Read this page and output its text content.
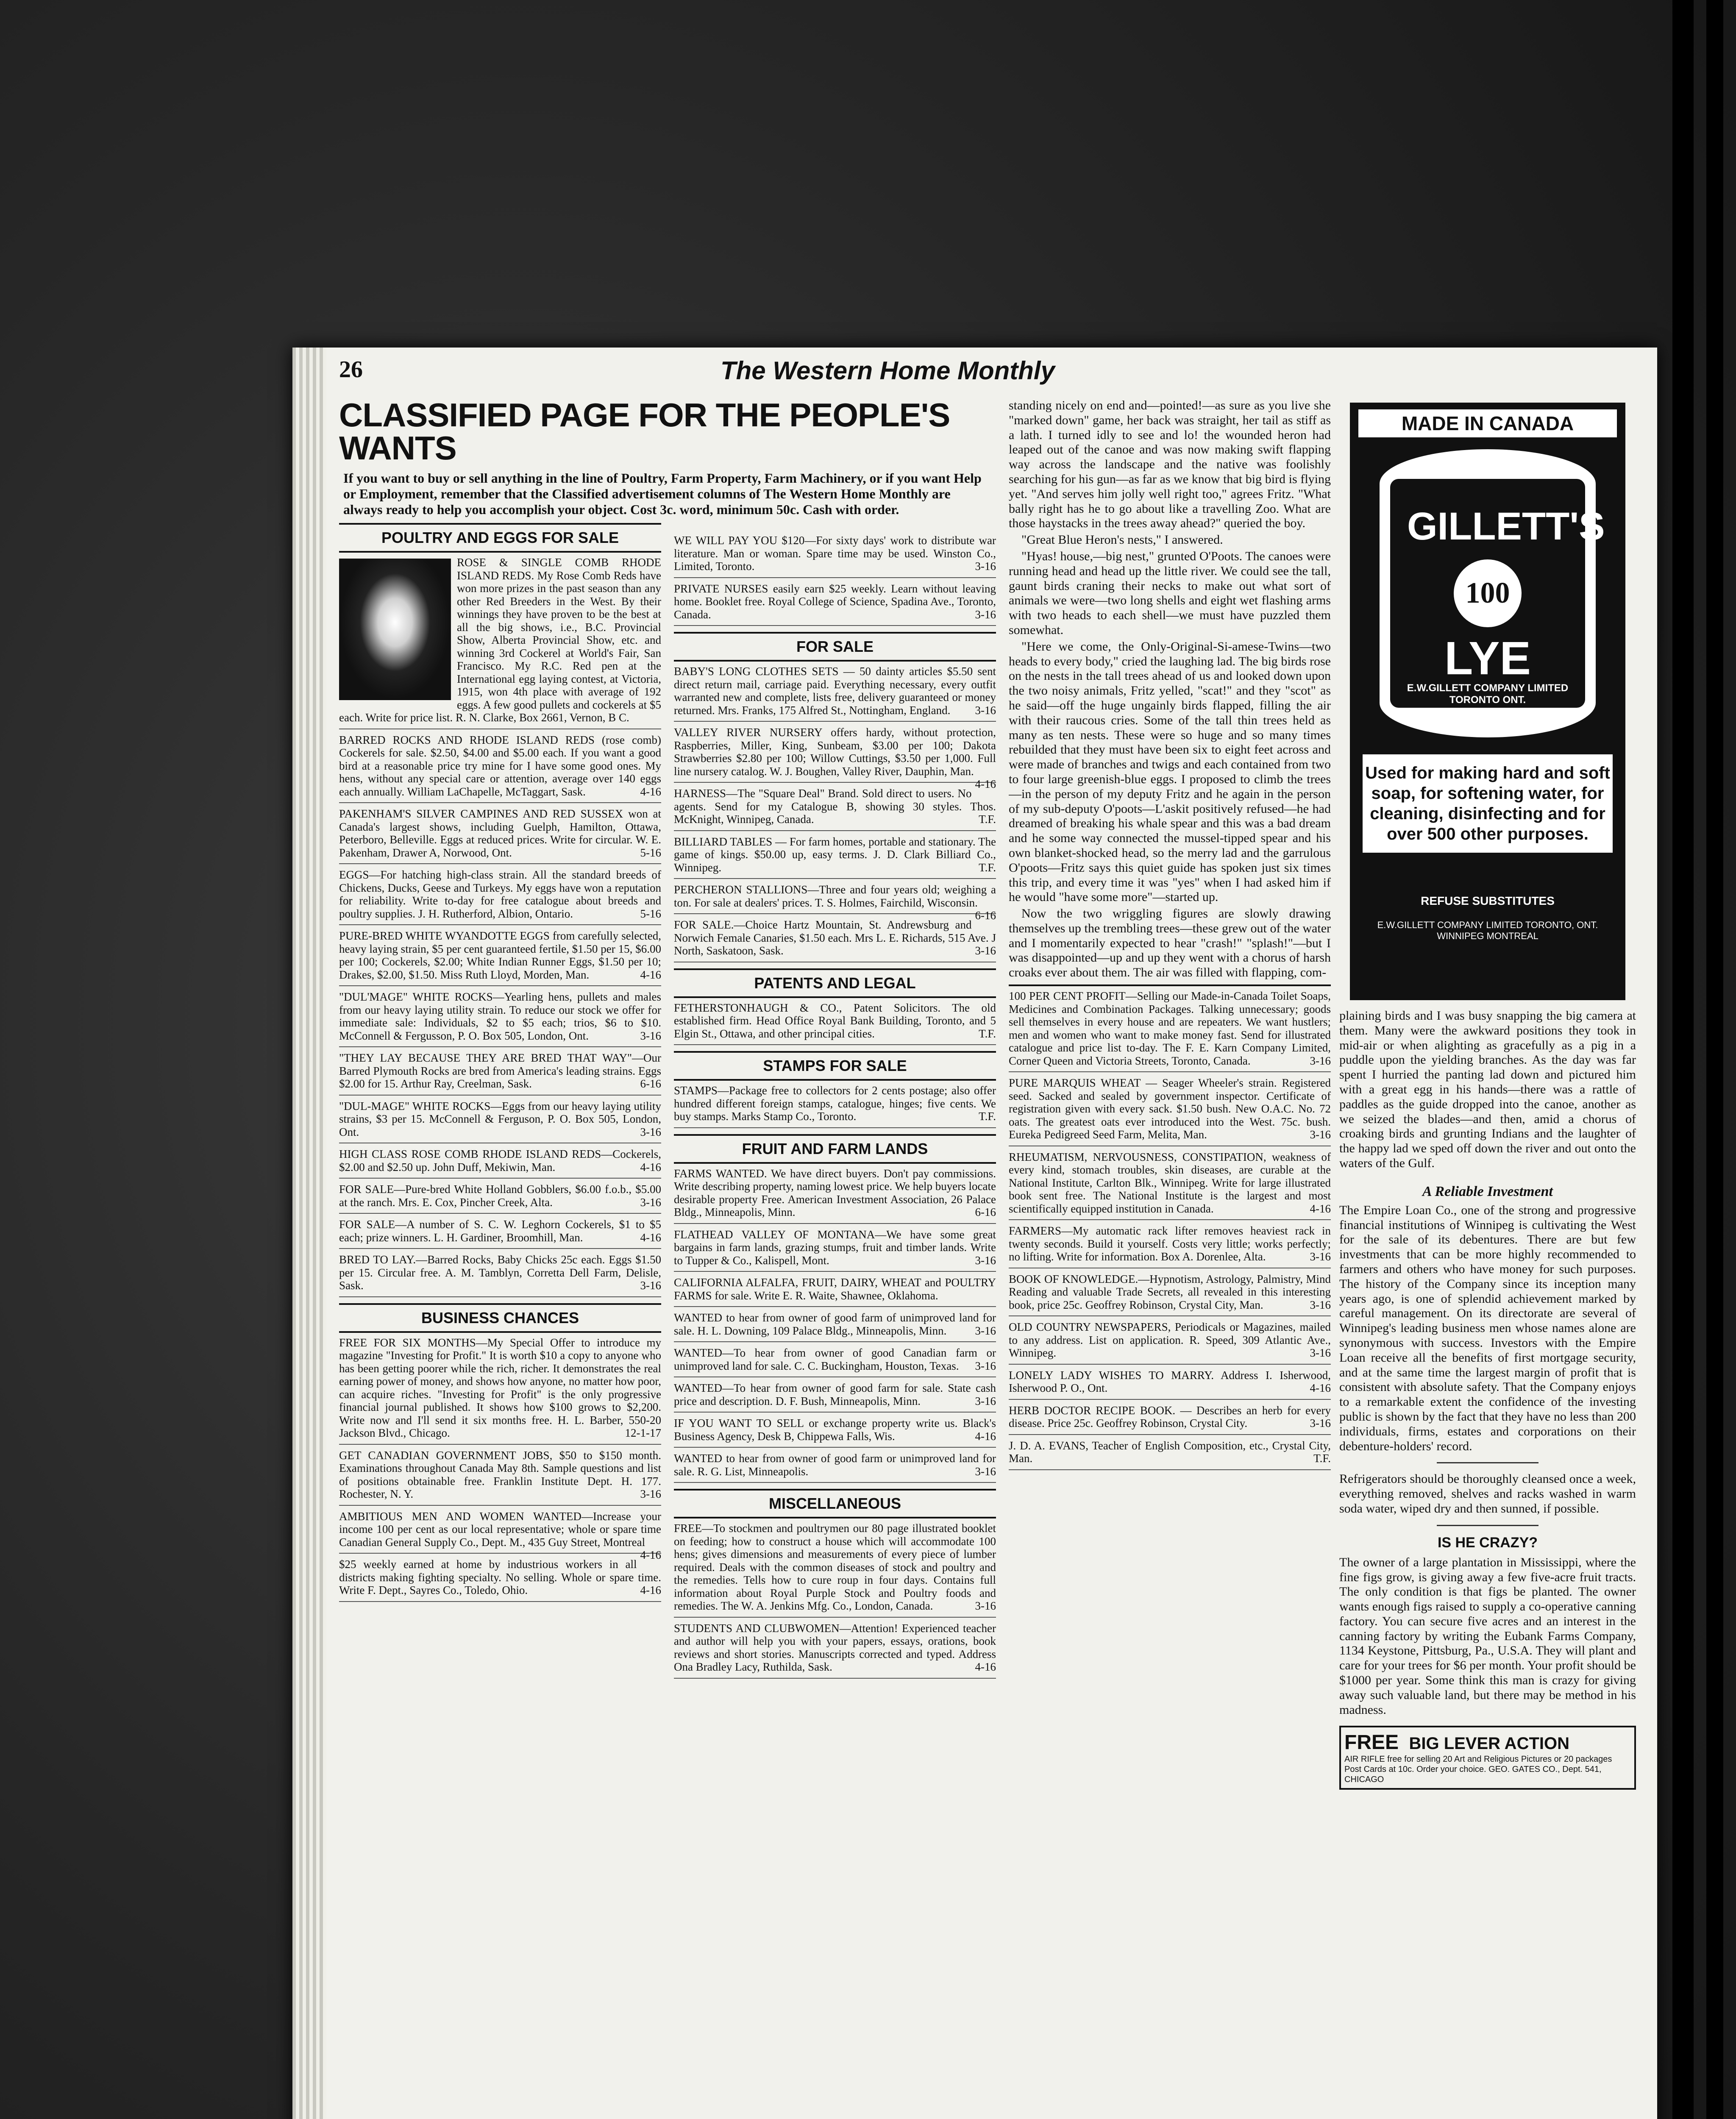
26	The Western Home Monthly
CLASSIFIED PAGE FOR THE PEOPLE'S WANTS
If you want to buy or sell anything in the line of Poultry, Farm Property, Farm Machinery, or if you want Help or Employment, remember that the Classified advertisement columns of The Western Home Monthly are always ready to help you accomplish your object. Cost 3c. word, minimum 50c. Cash with order.
POULTRY AND EGGS FOR SALE
ROSE & SINGLE COMB RHODE ISLAND REDS. My Rose Comb Reds have won more prizes in the past season than any other Red Breeders in the West. By their winnings they have proven to be the best at all the big shows, i.e., B.C. Provincial Show, Alberta Provincial Show, etc. and winning 3rd Cockerel at World's Fair, San Francisco. My R.C. Red pen at the International egg laying contest, at Victoria, 1915, won 4th place with average of 192 eggs. A few good pullets and cockerels at $5 each. Write for price list. R. N. Clarke, Box 2661, Vernon, B C.
BARRED ROCKS AND RHODE ISLAND REDS (rose comb) Cockerels for sale. $2.50, $4.00 and $5.00 each. If you want a good bird at a reasonable price try mine for I have some good ones. My hens, without any special care or attention, average over 140 eggs each annually. William LaChapelle, McTaggart, Sask.	4-16
PAKENHAM'S SILVER CAMPINES AND RED SUSSEX won at Canada's largest shows, including Guelph, Hamilton, Ottawa, Peterboro, Belleville. Eggs at reduced prices. Write for circular. W. E. Pakenham, Drawer A, Norwood, Ont.	5-16
EGGS—For hatching high-class strain. All the standard breeds of Chickens, Ducks, Geese and Turkeys. My eggs have won a reputation for reliability. Write to-day for free catalogue about breeds and poultry supplies. J. H. Rutherford, Albion, Ontario.	5-16
PURE-BRED WHITE WYANDOTTE EGGS from carefully selected, heavy laying strain, $5 per cent guaranteed fertile, $1.50 per 15, $6.00 per 100; Cockerels, $2.00; White Indian Runner Eggs, $1.50 per 10; Drakes, $2.00, $1.50. Miss Ruth Lloyd, Morden, Man.	4-16
"DUL'MAGE" WHITE ROCKS—Yearling hens, pullets and males from our heavy laying utility strain. To reduce our stock we offer for immediate sale: Individuals, $2 to $5 each; trios, $6 to $10. McConnell & Fergusson, P. O. Box 505, London, Ont.	3-16
"THEY LAY BECAUSE THEY ARE BRED THAT WAY"—Our Barred Plymouth Rocks are bred from America's leading strains. Eggs $2.00 for 15. Arthur Ray, Creelman, Sask.	6-16
"DUL-MAGE" WHITE ROCKS—Eggs from our heavy laying utility strains, $3 per 15. McConnell & Ferguson, P. O. Box 505, London, Ont.	3-16
HIGH CLASS ROSE COMB RHODE ISLAND REDS—Cockerels, $2.00 and $2.50 up. John Duff, Mekiwin, Man.	4-16
FOR SALE—Pure-bred White Holland Gobblers, $6.00 f.o.b., $5.00 at the ranch. Mrs. E. Cox, Pincher Creek, Alta.	3-16
FOR SALE—A number of S. C. W. Leghorn Cockerels, $1 to $5 each; prize winners. L. H. Gardiner, Broomhill, Man.	4-16
BRED TO LAY.—Barred Rocks, Baby Chicks 25c each. Eggs $1.50 per 15. Circular free. A. M. Tamblyn, Corretta Dell Farm, Delisle, Sask.	3-16
BUSINESS CHANCES
FREE FOR SIX MONTHS—My Special Offer to introduce my magazine "Investing for Profit." It is worth $10 a copy to anyone who has been getting poorer while the rich, richer. It demonstrates the real earning power of money, and shows how anyone, no matter how poor, can acquire riches. "Investing for Profit" is the only progressive financial journal published. It shows how $100 grows to $2,200. Write now and I'll send it six months free. H. L. Barber, 550-20 Jackson Blvd., Chicago.	12-1-17
GET CANADIAN GOVERNMENT JOBS, $50 to $150 month. Examinations throughout Canada May 8th. Sample questions and list of positions obtainable free. Franklin Institute Dept. H. 177. Rochester, N. Y.	3-16
AMBITIOUS MEN AND WOMEN WANTED—Increase your income 100 per cent as our local representative; whole or spare time Canadian General Supply Co., Dept. M., 435 Guy Street, Montreal
4-16
$25 weekly earned at home by industrious workers in all districts making fighting specialty. No selling. Whole or spare time. Write F. Dept., Sayres Co., Toledo, Ohio.	4-16
WE WILL PAY YOU $120—For sixty days' work to distribute war literature. Man or woman. Spare time may be used. Winston Co., Limited, Toronto.	3-16
PRIVATE NURSES easily earn $25 weekly. Learn without leaving home. Booklet free. Royal College of Science, Spadina Ave., Toronto, Canada.	3-16
FOR SALE
BABY'S LONG CLOTHES SETS — 50 dainty articles $5.50 sent direct return mail, carriage paid. Everything necessary, every outfit warranted new and complete, lists free, delivery guaranteed or money returned. Mrs. Franks, 175 Alfred St., Nottingham, England. 3-16
VALLEY RIVER NURSERY offers hardy, without protection, Raspberries, Miller, King, Sunbeam, $3.00 per 100; Dakota Strawberries $2.80 per 100; Willow Cuttings, $3.50 per 1,000. Full line nursery catalog. W. J. Boughen, Valley River, Dauphin, Man.
4-16
HARNESS—The "Square Deal" Brand. Sold direct to users. No agents. Send for my Catalogue B, showing 30 styles. Thos. McKnight, Winnipeg, Canada.	T.F.
BILLIARD TABLES — For farm homes, portable and stationary. The game of kings. $50.00 up, easy terms. J. D. Clark Billiard Co., Winnipeg.	T.F.
PERCHERON STALLIONS—Three and four years old; weighing a ton. For sale at dealers' prices. T. S. Holmes, Fairchild, Wisconsin.
6-16
FOR SALE.—Choice Hartz Mountain, St. Andrewsburg and Norwich Female Canaries, $1.50 each. Mrs L. E. Richards, 515 Ave. J North, Saskatoon, Sask.	3-16
PATENTS AND LEGAL
FETHERSTONHAUGH & CO., Patent Solicitors. The old established firm. Head Office Royal Bank Building, Toronto, and 5 Elgin St., Ottawa, and other principal cities.	T.F.
STAMPS FOR SALE
STAMPS—Package free to collectors for 2 cents postage; also offer hundred different foreign stamps, catalogue, hinges; five cents. We buy stamps. Marks Stamp Co., Toronto.	T.F.
FRUIT AND FARM LANDS
FARMS WANTED. We have direct buyers. Don't pay commissions. Write describing property, naming lowest price. We help buyers locate desirable property Free. American Investment Association, 26 Palace Bldg., Minneapolis, Minn.	6-16
FLATHEAD VALLEY OF MONTANA—We have some great bargains in farm lands, grazing stumps, fruit and timber lands. Write to Tupper & Co., Kalispell, Mont.	3-16
CALIFORNIA ALFALFA, FRUIT, DAIRY, WHEAT and POULTRY FARMS for sale. Write E. R. Waite, Shawnee, Oklahoma.
WANTED to hear from owner of good farm of unimproved land for sale. H. L. Downing, 109 Palace Bldg., Minneapolis, Minn. 3-16
WANTED—To hear from owner of good Canadian farm or unimproved land for sale. C. C. Buckingham, Houston, Texas. 3-16
WANTED—To hear from owner of good farm for sale. State cash price and description. D. F. Bush, Minneapolis, Minn.	3-16
IF YOU WANT TO SELL or exchange property write us. Black's Business Agency, Desk B, Chippewa Falls, Wis.	4-16
WANTED to hear from owner of good farm or unimproved land for sale. R. G. List, Minneapolis.	3-16
MISCELLANEOUS
FREE—To stockmen and poultrymen our 80 page illustrated booklet on feeding; how to construct a house which will accommodate 100 hens; gives dimensions and measurements of every piece of lumber required. Deals with the common diseases of stock and poultry and the remedies. Tells how to cure roup in four days. Contains full information about Royal Purple Stock and Poultry foods and remedies. The W. A. Jenkins Mfg. Co., London, Canada.	3-16
STUDENTS AND CLUBWOMEN—Attention! Experienced teacher and author will help you with your papers, essays, orations, book reviews and short stories. Manuscripts corrected and typed. Address Ona Bradley Lacy, Ruthilda, Sask.	4-16

standing nicely on end and—pointed!—as sure as you live she "marked down" game, her back was straight, her tail as stiff as a lath. I turned idly to see and lo! the wounded heron had leaped out of the canoe and was now making swift flapping way across the landscape and the native was foolishly searching for his gun—as far as we know that big bird is flying yet. "And serves him jolly well right too," agrees Fritz. "What bally right has he to go about like a travelling Zoo. What are those haystacks in the trees away ahead?" queried the boy.

"Great Blue Heron's nests," I answered.

"Hyas! house,—big nest," grunted O'Poots. The canoes were running head and head up the little river. We could see the tall, gaunt birds craning their necks to make out what sort of animals we were—two long shells and eight wet flashing arms with two heads to each shell—we must have puzzled them somewhat.

"Here we come, the Only-Original-Si-amese-Twins—two heads to every body," cried the laughing lad. The big birds rose on the nests in the tall trees ahead of us and looked down upon the two noisy animals, Fritz yelled, "scat!" and they "scot" as he said—off the huge ungainly birds flapped, filling the air with their raucous cries. Some of the tall thin trees held as many as ten nests. These were so huge and so many times rebuilded that they must have been six to eight feet across and were made of branches and twigs and each contained from two to four large greenish-blue eggs. I proposed to climb the trees—in the person of my deputy Fritz and he again in the person of my sub-deputy O'poots—L'askit positively refused—he had dreamed of breaking his whale spear and this was a bad dream and he some way connected the mussel-tipped spear and his own blanket-shocked head, so the merry lad and the garrulous O'poots—Fritz says this quiet guide has spoken just six times this trip, and every time it was "yes" when I had asked him if he would "have some more"—started up.

Now the two wriggling figures are slowly drawing themselves up the trembling trees—these grew out of the water and I momentarily expected to hear "crash!" "splash!"—but I was disappointed—up and up they went with a chorus of harsh croaks ever about them. The air was filled with flapping, com-

100 PER CENT PROFIT—Selling our Made-in-Canada Toilet Soaps, Medicines and Combination Packages. Talking unnecessary; goods sell themselves in every house and are repeaters. We want hustlers; men and women who want to make money fast. Send for illustrated catalogue and price list to-day. The F. E. Karn Company Limited, Corner Queen and Victoria Streets, Toronto, Canada.	3-16
PURE MARQUIS WHEAT — Seager Wheeler's strain. Registered seed. Sacked and sealed by government inspector. Certificate of registration given with every sack. $1.50 bush. New O.A.C. No. 72 oats. The greatest oats ever introduced into the West. 75c. bush. Eureka Pedigreed Seed Farm, Melita, Man.	3-16
RHEUMATISM, NERVOUSNESS, CONSTIPATION, weakness of every kind, stomach troubles, skin diseases, are curable at the National Institute, Carlton Blk., Winnipeg. Write for large illustrated book sent free. The National Institute is the largest and most scientifically equipped institution in Canada.	4-16
FARMERS—My automatic rack lifter removes heaviest rack in twenty seconds. Build it yourself. Costs very little; works perfectly; no lifting. Write for information. Box A. Dorenlee, Alta.	3-16
BOOK OF KNOWLEDGE.—Hypnotism, Astrology, Palmistry, Mind Reading and valuable Trade Secrets, all revealed in this interesting book, price 25c. Geoffrey Robinson, Crystal City, Man.	3-16
OLD COUNTRY NEWSPAPERS, Periodicals or Magazines, mailed to any address. List on application. R. Speed, 309 Atlantic Ave., Winnipeg.	3-16
LONELY LADY WISHES TO MARRY. Address I. Isherwood, Isherwood P. O., Ont.	4-16
HERB DOCTOR RECIPE BOOK. — Describes an herb for every disease. Price 25c. Geoffrey Robinson, Crystal City.	3-16
J. D. A. EVANS, Teacher of English Composition, etc., Crystal City, Man.	T.F.
MADE IN CANADA
GILLETT'S
100
LYE
E.W.GILLETT COMPANY LIMITED TORONTO ONT.
Used for making hard and soft soap, for softening water, for cleaning, disinfecting and for over 500 other purposes.
REFUSE SUBSTITUTES
E.W.GILLETT COMPANY LIMITED TORONTO, ONT. WINNIPEG MONTREAL

plaining birds and I was busy snapping the big camera at them. Many were the awkward positions they took in mid-air or when alighting as gracefully as a pig in a puddle upon the yielding branches. As the day was far spent I hurried the panting lad down and pictured him with a great egg in his hands—there was a rattle of paddles as the guide dropped into the canoe, another as we seized the blades—and then, amid a chorus of croaking birds and grunting Indians and the laughter of the happy lad we sped off down the river and out onto the waters of the Gulf.

A Reliable Investment

The Empire Loan Co., one of the strong and progressive financial institutions of Winnipeg is cultivating the West for the sale of its debentures. There are but few investments that can be more highly recommended to farmers and others who have money for such purposes. The history of the Company since its inception many years ago, is one of splendid achievement marked by careful management. On its directorate are several of Winnipeg's leading business men whose names alone are synonymous with success. Investors with the Empire Loan receive all the benefits of first mortgage security, and at the same time the largest margin of profit that is consistent with absolute safety. That the Company enjoys to a remarkable extent the confidence of the investing public is shown by the fact that they have no less than 200 individuals, firms, estates and corporations on their debenture-holders' record.

Refrigerators should be thoroughly cleansed once a week, everything removed, shelves and racks washed in warm soda water, wiped dry and then sunned, if possible.

IS HE CRAZY?

The owner of a large plantation in Mississippi, where the fine figs grow, is giving away a few five-acre fruit tracts. The only condition is that figs be planted. The owner wants enough figs raised to supply a co-operative canning factory. You can secure five acres and an interest in the canning factory by writing the Eubank Farms Company, 1134 Keystone, Pittsburg, Pa., U.S.A. They will plant and care for your trees for $6 per month. Your profit should be $1000 per year. Some think this man is crazy for giving away such valuable land, but there may be method in his madness.

FREE BIG LEVER ACTION
AIR RIFLE free for selling 20 Art and Religious Pictures or 20 packages Post Cards at 10c. Order your choice. GEO. GATES CO., Dept. 541, CHICAGO
